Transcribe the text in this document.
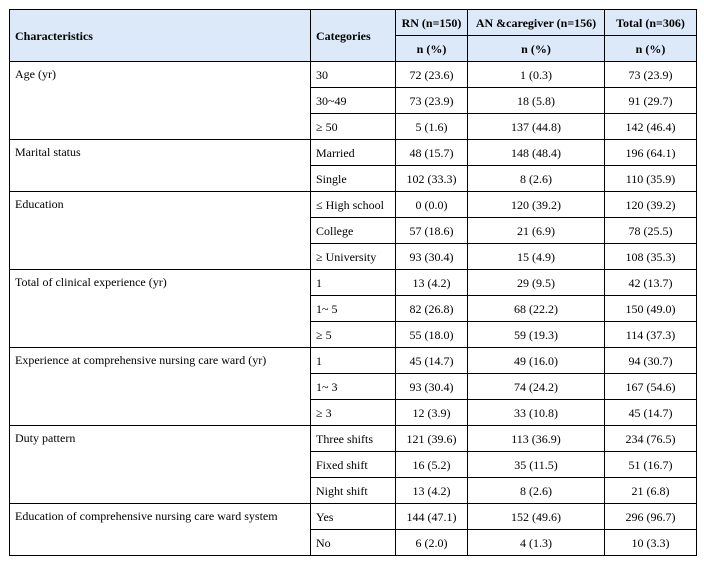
Characteristics	Categories	RN (n=150)	AN &caregiver (n=156)	Total (n=306)
		n (%)	n (%)	n (%)
Age (yr)	30	72 (23.6)	1 (0.3)	73 (23.9)
	30~49	73 (23.9)	18 (5.8)	91 (29.7)
	≥ 50	5 (1.6)	137 (44.8)	142 (46.4)
Marital status	Married	48 (15.7)	148 (48.4)	196 (64.1)
	Single	102 (33.3)	8 (2.6)	110 (35.9)
Education	≤ High school	0 (0.0)	120 (39.2)	120 (39.2)
	College	57 (18.6)	21 (6.9)	78 (25.5)
	≥ University	93 (30.4)	15 (4.9)	108 (35.3)
Total of clinical experience (yr)	1	13 (4.2)	29 (9.5)	42 (13.7)
	1~ 5	82 (26.8)	68 (22.2)	150 (49.0)
	≥ 5	55 (18.0)	59 (19.3)	114 (37.3)
Experience at comprehensive nursing care ward (yr)	1	45 (14.7)	49 (16.0)	94 (30.7)
	1~ 3	93 (30.4)	74 (24.2)	167 (54.6)
	≥ 3	12 (3.9)	33 (10.8)	45 (14.7)
Duty pattern	Three shifts	121 (39.6)	113 (36.9)	234 (76.5)
	Fixed shift	16 (5.2)	35 (11.5)	51 (16.7)
	Night shift	13 (4.2)	8 (2.6)	21 (6.8)
Education of comprehensive nursing care ward system	Yes	144 (47.1)	152 (49.6)	296 (96.7)
	No	6 (2.0)	4 (1.3)	10 (3.3)
